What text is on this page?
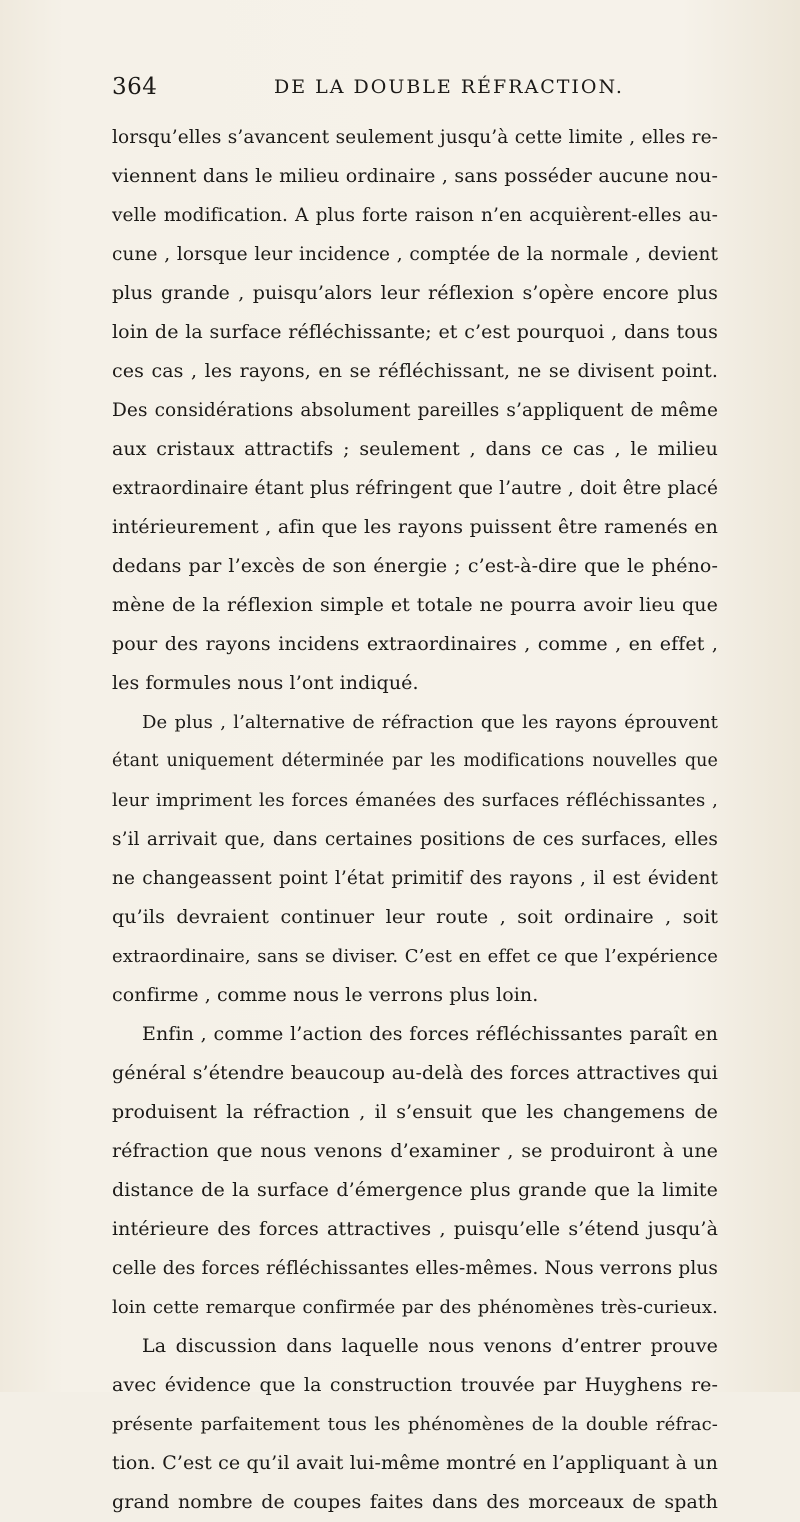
364	DE LA DOUBLE RÉFRACTION.
lorsqu’elles s’avancent seulement jusqu’à cette limite , elles re-
viennent dans le milieu ordinaire , sans posséder aucune nou-
velle modification. A plus forte raison n’en acquièrent-elles au-
cune , lorsque leur incidence , comptée de la normale , devient
plus grande , puisqu’alors leur réflexion s’opère encore plus
loin de la surface réfléchissante; et c’est pourquoi , dans tous
ces cas , les rayons, en se réfléchissant, ne se divisent point.
Des considérations absolument pareilles s’appliquent de même
aux cristaux attractifs ; seulement , dans ce cas , le milieu
extraordinaire étant plus réfringent que l’autre , doit être placé
intérieurement , afin que les rayons puissent être ramenés en
dedans par l’excès de son énergie ; c’est-à-dire que le phéno-
mène de la réflexion simple et totale ne pourra avoir lieu que
pour des rayons incidens extraordinaires , comme , en effet ,
les formules nous l’ont indiqué.
De plus , l’alternative de réfraction que les rayons éprouvent
étant uniquement déterminée par les modifications nouvelles que
leur impriment les forces émanées des surfaces réfléchissantes ,
s’il arrivait que, dans certaines positions de ces surfaces, elles
ne changeassent point l’état primitif des rayons , il est évident
qu’ils devraient continuer leur route , soit ordinaire , soit
extraordinaire, sans se diviser. C’est en effet ce que l’expérience
confirme , comme nous le verrons plus loin.
Enfin , comme l’action des forces réfléchissantes paraît en
général s’étendre beaucoup au-delà des forces attractives qui
produisent la réfraction , il s’ensuit que les changemens de
réfraction que nous venons d’examiner , se produiront à une
distance de la surface d’émergence plus grande que la limite
intérieure des forces attractives , puisqu’elle s’étend jusqu’à
celle des forces réfléchissantes elles-mêmes. Nous verrons plus
loin cette remarque confirmée par des phénomènes très-curieux.
La discussion dans laquelle nous venons d’entrer prouve
avec évidence que la construction trouvée par Huyghens re-
présente parfaitement tous les phénomènes de la double réfrac-
tion. C’est ce qu’il avait lui-même montré en l’appliquant à un
grand nombre de coupes faites dans des morceaux de spath
